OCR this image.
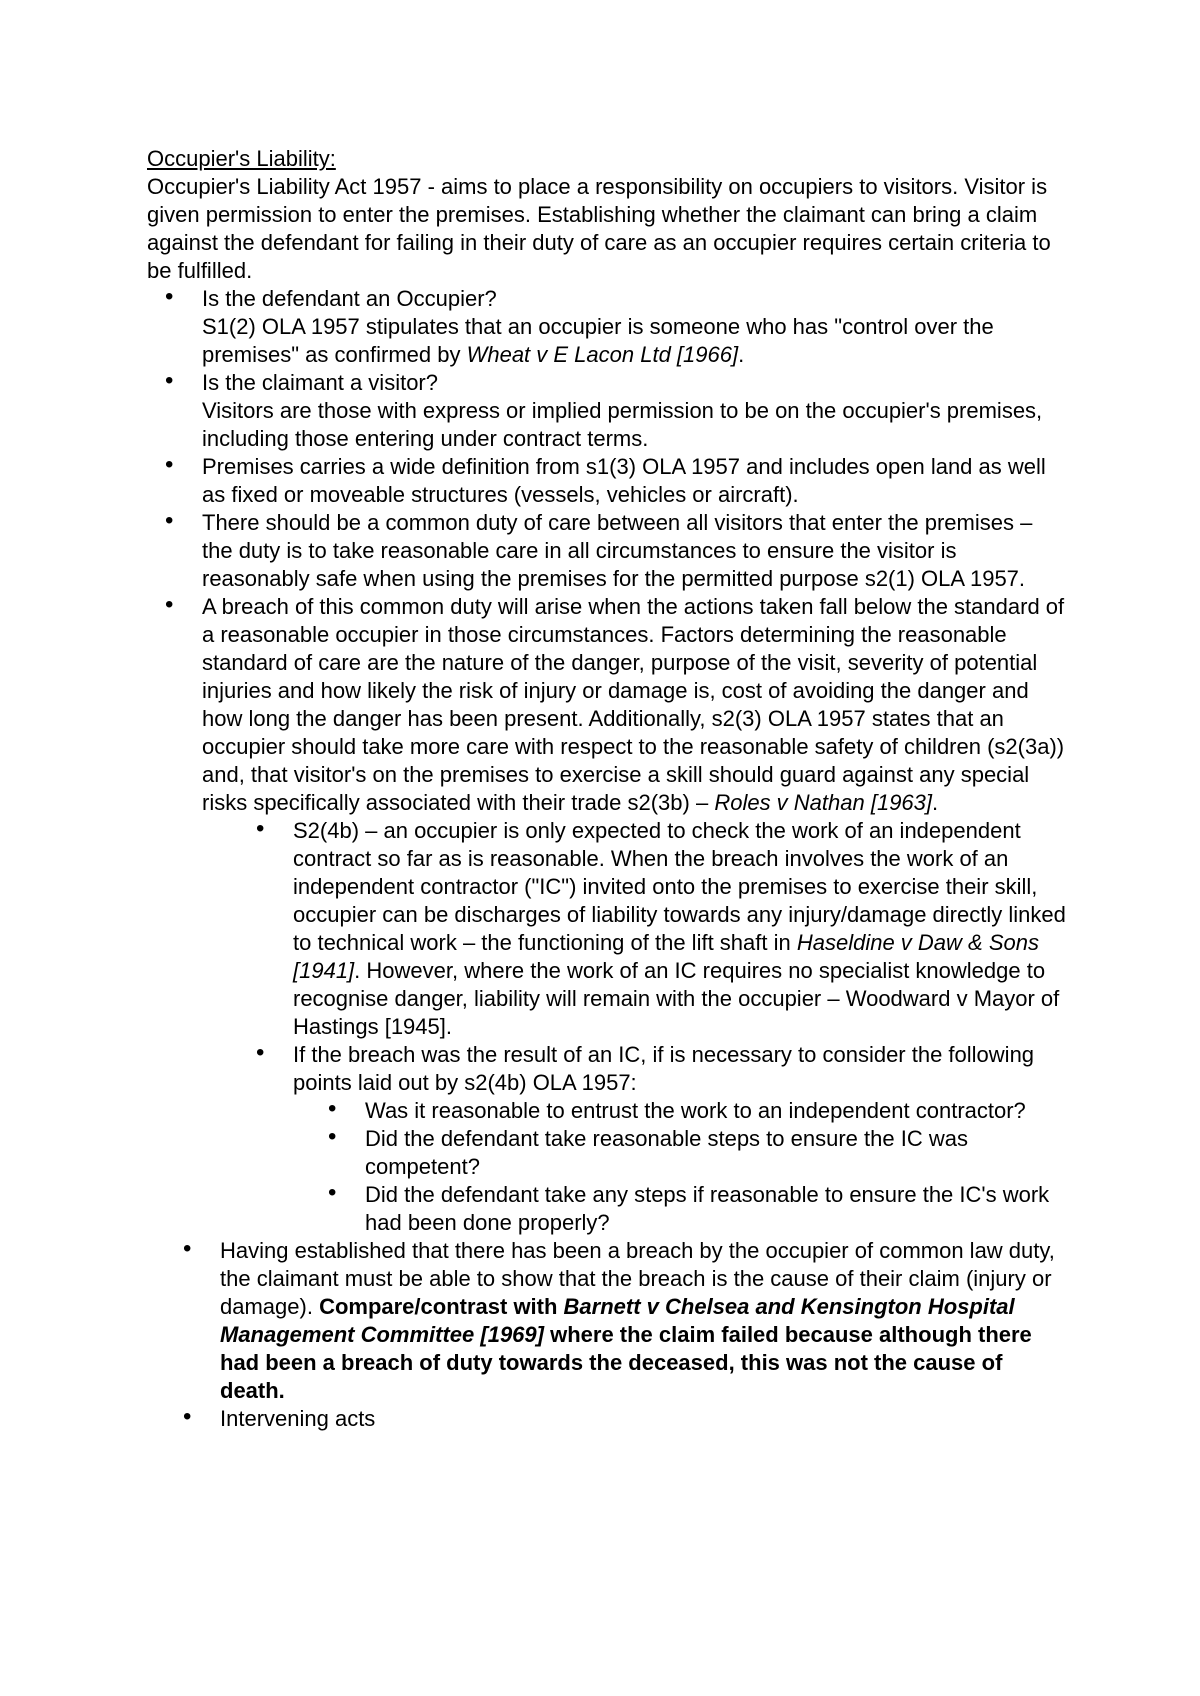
Occupier's Liability:

Occupier's Liability Act 1957 - aims to place a responsibility on occupiers to visitors. Visitor is given permission to enter the premises. Establishing whether the claimant can bring a claim against the defendant for failing in their duty of care as an occupier requires certain criteria to be fulfilled.

• Is the defendant an Occupier?
S1(2) OLA 1957 stipulates that an occupier is someone who has "control over the premises" as confirmed by Wheat v E Lacon Ltd [1966].
• Is the claimant a visitor?
Visitors are those with express or implied permission to be on the occupier's premises, including those entering under contract terms.
• Premises carries a wide definition from s1(3) OLA 1957 and includes open land as well as fixed or moveable structures (vessels, vehicles or aircraft).
• There should be a common duty of care between all visitors that enter the premises – the duty is to take reasonable care in all circumstances to ensure the visitor is reasonably safe when using the premises for the permitted purpose s2(1) OLA 1957.
• A breach of this common duty will arise when the actions taken fall below the standard of a reasonable occupier in those circumstances. Factors determining the reasonable standard of care are the nature of the danger, purpose of the visit, severity of potential injuries and how likely the risk of injury or damage is, cost of avoiding the danger and how long the danger has been present. Additionally, s2(3) OLA 1957 states that an occupier should take more care with respect to the reasonable safety of children (s2(3a)) and, that visitor's on the premises to exercise a skill should guard against any special risks specifically associated with their trade s2(3b) – Roles v Nathan [1963].
• S2(4b) – an occupier is only expected to check the work of an independent contract so far as is reasonable. When the breach involves the work of an independent contractor ("IC") invited onto the premises to exercise their skill, occupier can be discharges of liability towards any injury/damage directly linked to technical work – the functioning of the lift shaft in Haseldine v Daw & Sons [1941]. However, where the work of an IC requires no specialist knowledge to recognise danger, liability will remain with the occupier – Woodward v Mayor of Hastings [1945].
• If the breach was the result of an IC, if is necessary to consider the following points laid out by s2(4b) OLA 1957:
• Was it reasonable to entrust the work to an independent contractor?
• Did the defendant take reasonable steps to ensure the IC was competent?
• Did the defendant take any steps if reasonable to ensure the IC's work had been done properly?
• Having established that there has been a breach by the occupier of common law duty, the claimant must be able to show that the breach is the cause of their claim (injury or damage). Compare/contrast with Barnett v Chelsea and Kensington Hospital Management Committee [1969] where the claim failed because although there had been a breach of duty towards the deceased, this was not the cause of death.
• Intervening acts
